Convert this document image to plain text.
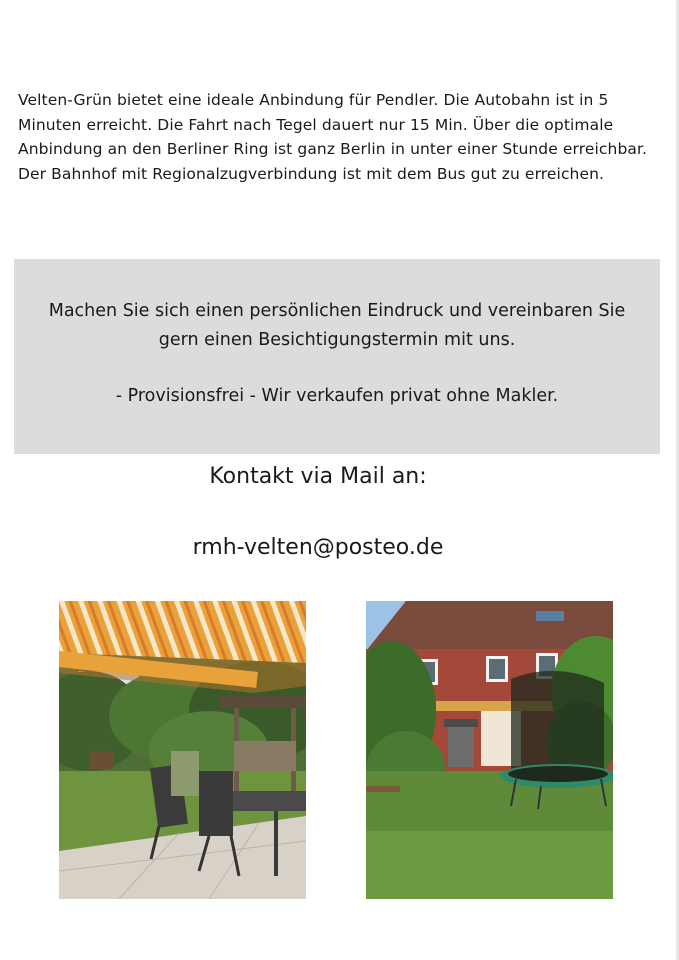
Velten-Grün bietet eine ideale Anbindung für Pendler. Die Autobahn ist in 5 Minuten erreicht. Die Fahrt nach Tegel dauert nur 15 Min. Über die optimale Anbindung an den Berliner Ring ist ganz Berlin in unter einer Stunde erreichbar.

Der Bahnhof mit Regionalzugverbindung ist mit dem Bus gut zu erreichen.

Machen Sie sich einen persönlichen Eindruck und vereinbaren Sie gern einen Besichtigungstermin mit uns.
- Provisionsfrei - Wir verkaufen privat ohne Makler.
Kontakt via Mail an:
rmh-velten@posteo.de
